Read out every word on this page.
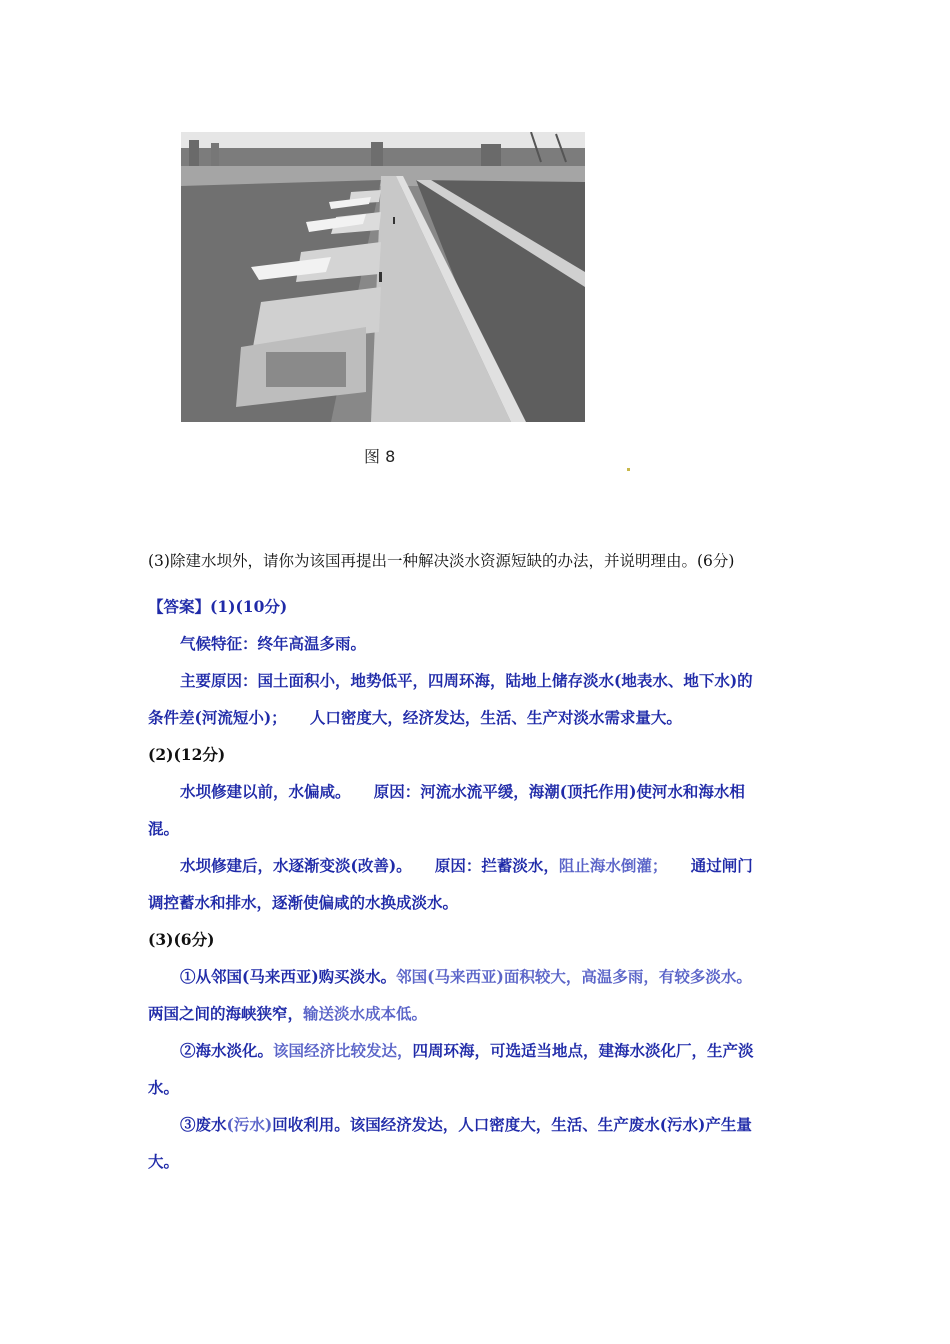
图 8
(3)除建水坝外，请你为该国再提出一种解决淡水资源短缺的办法，并说明理由。(6分)
【答案】(1)(10分)
气候特征：终年高温多雨。
主要原因：国土面积小，地势低平，四周环海，陆地上储存淡水(地表水、地下水)的
条件差(河流短小)；　　人口密度大，经济发达，生活、生产对淡水需求量大。
(2)(12分)
水坝修建以前，水偏咸。　　原因：河流水流平缓，海潮(顶托作用)使河水和海水相
混。
水坝修建后，水逐渐变淡(改善)。　　原因：拦蓄淡水，阻止海水倒灌；　　通过闸门
调控蓄水和排水，逐渐使偏咸的水换成淡水。
(3)(6分)
①从邻国(马来西亚)购买淡水。邻国(马来西亚)面积较大，高温多雨，有较多淡水。
两国之间的海峡狭窄，输送淡水成本低。
②海水淡化。该国经济比较发达，四周环海，可选适当地点，建海水淡化厂，生产淡
水。
③废水(污水)回收利用。该国经济发达，人口密度大，生活、生产废水(污水)产生量
大。
